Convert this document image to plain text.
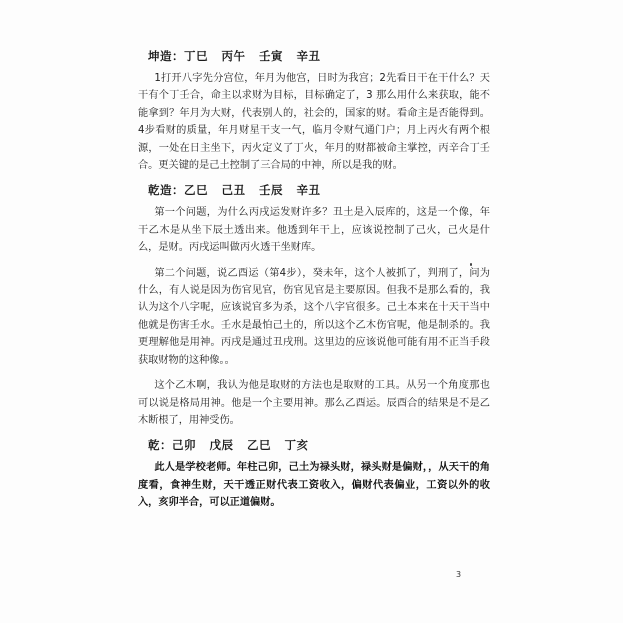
坤造：丁巳   丙午   壬寅   辛丑

1打开八字先分宫位，年月为他宫，日时为我宫；2先看日干在干什么？天干有个丁壬合，命主以求财为目标，目标确定了，3 那么用什么来获取，能不能拿到？年月为大财，代表别人的，社会的，国家的财。看命主是否能得到。4步看财的质量，年月财星干支一气，临月令财气通门户；月上丙火有两个根源，一处在日主坐下，丙火定义了丁火，年月的财都被命主掌控，丙辛合丁壬合。更关键的是己土控制了三合局的中神，所以是我的财。

乾造：乙巳   己丑   壬辰   辛丑

第一个问题，为什么丙戌运发财许多？丑土是入辰库的，这是一个像，年干乙木是从坐下辰土透出来。他透到年干上，应该说控制了己火，己火是什么，是财。丙戌运叫做丙火透干坐财库。

第二个问题，说乙酉运（第4步），癸未年，这个人被抓了，判刑了，问为什么，有人说是因为伤官见官，伤官见官是主要原因。但我不是那么看的，我认为这个八字呢，应该说官多为杀，这个八字官很多。己土本来在十天干当中他就是伤害壬水。壬水是最怕己土的，所以这个乙木伤官呢，他是制杀的。我更理解他是用神。丙戌是通过丑戌刑。这里边的应该说他可能有用不正当手段获取财物的这种像。。

这个乙木啊，我认为他是取财的方法也是取财的工具。从另一个角度那也可以说是格局用神。他是一个主要用神。那么乙酉运。辰酉合的结果是不是乙木断根了，用神受伤。

乾：己卯   戊辰   乙巳   丁亥

此人是学校老师。年柱己卯，己土为禄头财，禄头财是偏财，，从天干的角度看，食神生财，天干透正财代表工资收入，偏财代表偏业，工资以外的收入，亥卯半合，可以正道偏财。

3
